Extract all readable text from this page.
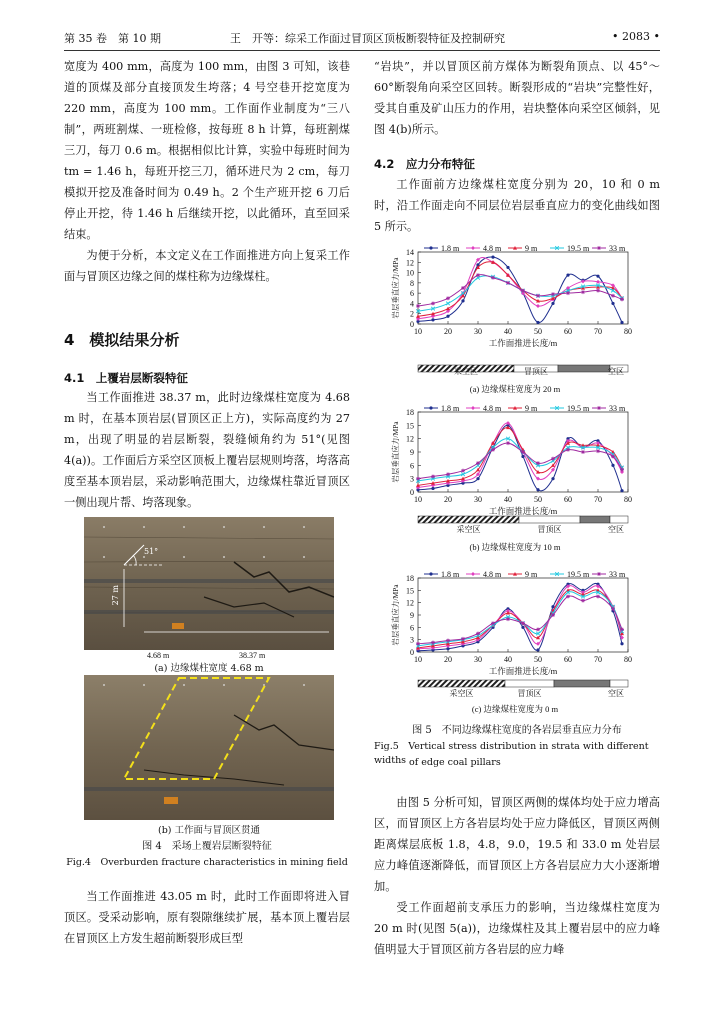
第 35 卷　第 10 期	王　开等：综采工作面过冒顶区顶板断裂特征及控制研究	• 2083 •

宽度为 400 mm，高度为 100 mm，由图 3 可知，该巷道的顶煤及部分直接顶发生垮落；4 号空巷开挖宽度为 220 mm，高度为 100 mm。工作面作业制度为“三八制”，两班割煤、一班检修，按每班 8 h 计算，每班割煤三刀，每刀 0.6 m。根据相似比计算，实验中每班时间为 tm = 1.46 h，每班开挖三刀，循环进尺为 2 cm，每刀模拟开挖及准备时间为 0.49 h。2 个生产班开挖 6 刀后停止开挖，待 1.46 h 后继续开挖，以此循环，直至回采结束。

为便于分析，本文定义在工作面推进方向上复采工作面与冒顶区边缘之间的煤柱称为边缘煤柱。

4　模拟结果分析
4.1　上覆岩层断裂特征

当工作面推进 38.37 m，此时边缘煤柱宽度为 4.68 m 时，在基本顶岩层(冒顶区正上方)，实际高度约为 27 m，出现了明显的岩层断裂，裂缝倾角约为 51°(见图 4(a))。工作面后方采空区顶板上覆岩层规则垮落，垮落高度至基本顶岩层，采动影响范围大，边缘煤柱靠近冒顶区一侧出现片帮、垮落现象。

51°
27 m
4.68 m	38.37 m
(a) 边缘煤柱宽度 4.68 m
(b) 工作面与冒顶区贯通
图 4　采场上覆岩层断裂特征
Fig.4　Overburden fracture characteristics in mining field

当工作面推进 43.05 m 时，此时工作面即将进入冒顶区。受采动影响，原有裂隙继续扩展，基本顶上覆岩层在冒顶区上方发生超前断裂形成巨型

“岩块”，并以冒顶区前方煤体为断裂角顶点、以 45°～60°断裂角向采空区回转。断裂形成的“岩块”完整性好，受其自重及矿山压力的作用，岩块整体向采空区倾斜，见图 4(b)所示。

4.2　应力分布特征

工作面前方边缘煤柱宽度分别为 20，10 和 0 m 时，沿工作面走向不同层位岩层垂直应力的变化曲线如图 5 所示。

0
2
4
6
8
10
12
14
10	20	30	40	50	60	70	80
工作面推进长度/m
岩层垂直应力/MPa
1.8 m	4.8 m	9 m	19.5 m 33 m
采空区	冒顶区	空区
(a) 边缘煤柱宽度为 20 m
0
3
6
9
12
15
18
10	20	30	40	50	60	70	80
工作面推进长度/m
岩层垂直应力/MPa
1.8 m	4.8 m	9 m	19.5 m 33 m
采空区	冒顶区	空区
(b) 边缘煤柱宽度为 10 m
0
3
6
9
12
15
18
10	20	30	40	50	60	70	80
工作面推进长度/m
岩层垂直应力/MPa
1.8 m	4.8 m	9 m	19.5 m 33 m
采空区	冒顶区	空区
(c) 边缘煤柱宽度为 0 m
图 5　不同边缘煤柱宽度的各岩层垂直应力分布
Fig.5　Vertical stress distribution in strata with different widths of edge coal pillars

由图 5 分析可知，冒顶区两侧的煤体均处于应力增高区，而冒顶区上方各岩层均处于应力降低区，冒顶区两侧距离煤层底板 1.8，4.8，9.0，19.5 和 33.0 m 处岩层应力峰值逐渐降低，而冒顶区上方各岩层应力大小逐渐增加。

受工作面超前支承压力的影响，当边缘煤柱宽度为 20 m 时(见图 5(a))，边缘煤柱及其上覆岩层中的应力峰值明显大于冒顶区前方各岩层的应力峰
